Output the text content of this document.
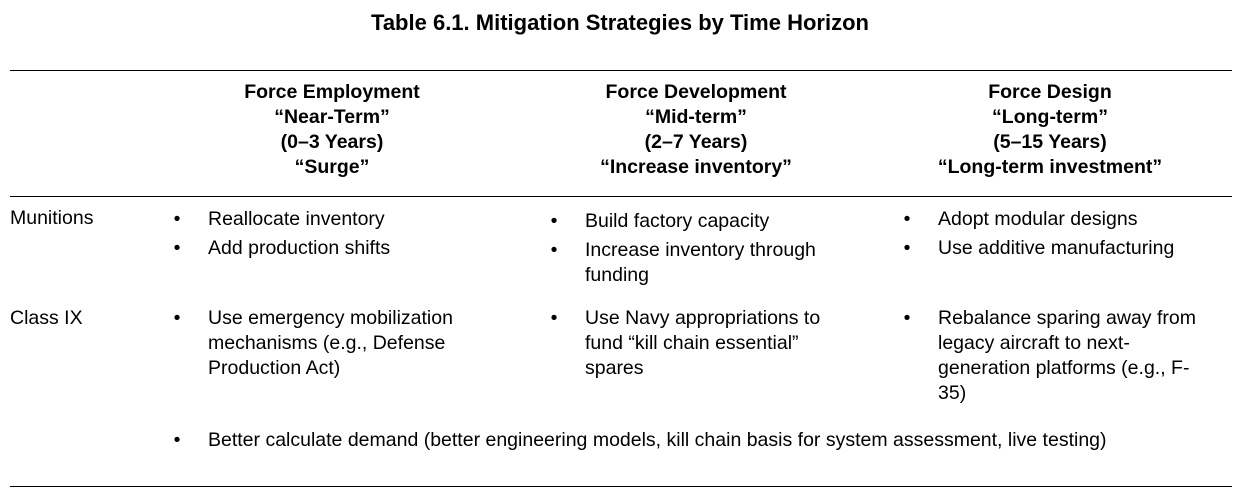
Table 6.1. Mitigation Strategies by Time Horizon
Force Employment
“Near-Term”
(0–3 Years)
“Surge”
Force Development
“Mid-term”
(2–7 Years)
“Increase inventory”
Force Design
“Long-term”
(5–15 Years)
“Long-term investment”
Munitions	• Reallocate inventory
• Add production shifts
• Build factory capacity
• Increase inventory through funding
• Adopt modular designs
• Use additive manufacturing
Class IX	• Use emergency mobilization mechanisms (e.g., Defense Production Act)
• Use Navy appropriations to fund “kill chain essential” spares
• Rebalance sparing away from legacy aircraft to next-generation platforms (e.g., F-35)
• Better calculate demand (better engineering models, kill chain basis for system assessment, live testing)
